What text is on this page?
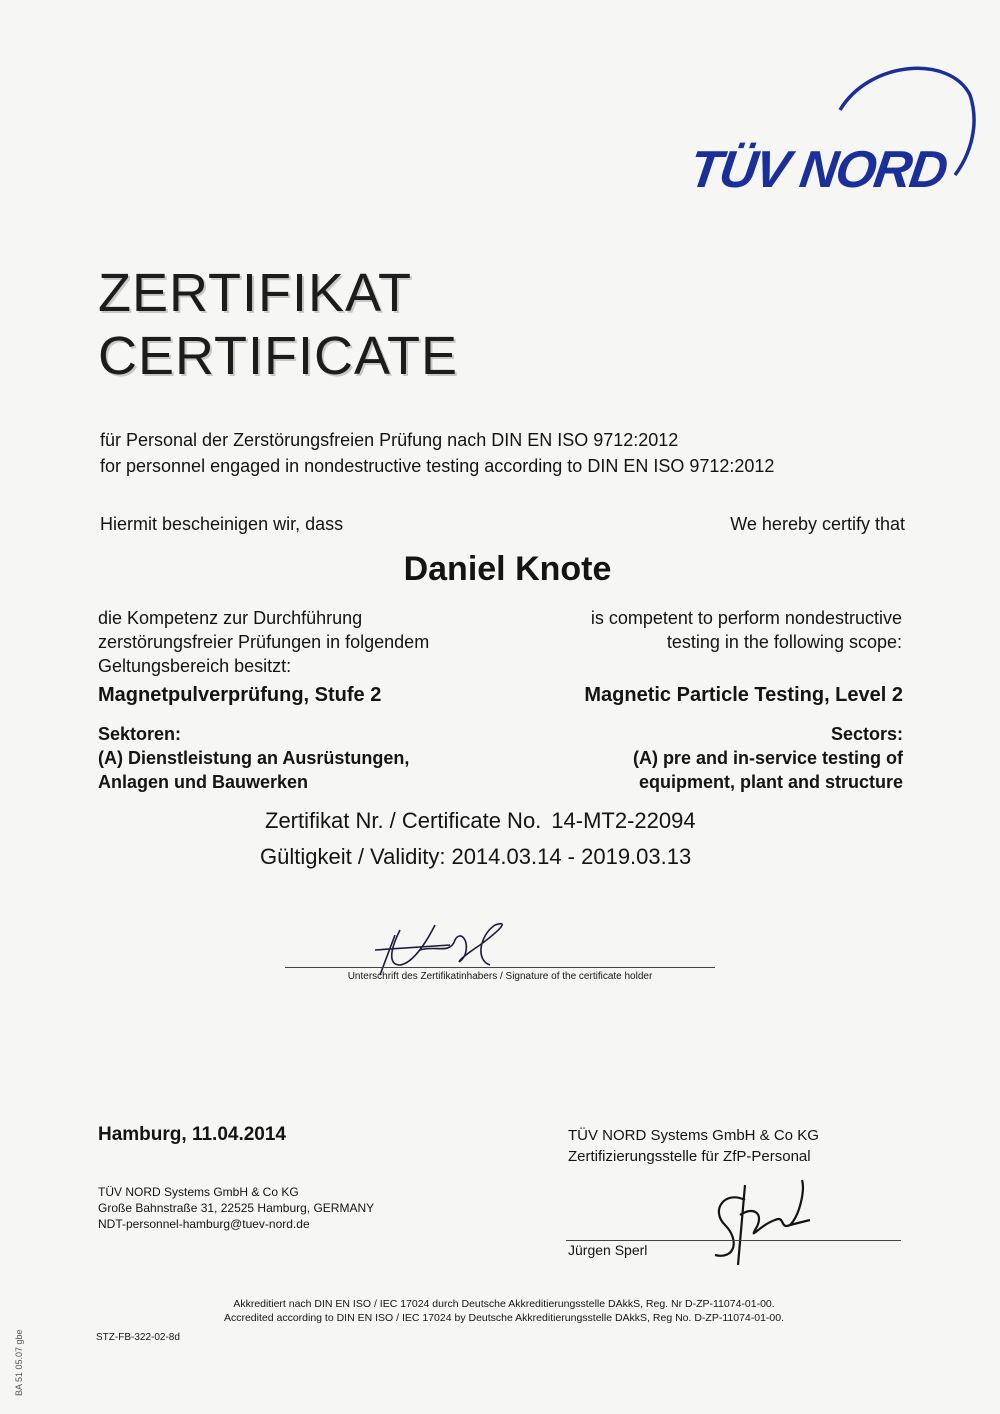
TÜV NORD
ZERTIFIKAT
CERTIFICATE
für Personal der Zerstörungsfreien Prüfung nach DIN EN ISO 9712:2012
for personnel engaged in nondestructive testing according to DIN EN ISO 9712:2012
Hiermit bescheinigen wir, dass	We hereby certify that
Daniel Knote
die Kompetenz zur Durchführung
zerstörungsfreier Prüfungen in folgendem
Geltungsbereich besitzt:
is competent to perform nondestructive
testing in the following scope:
Magnetpulverprüfung, Stufe 2	Magnetic Particle Testing, Level 2
Sektoren:
(A) Dienstleistung an Ausrüstungen,
Anlagen und Bauwerken
Sectors:
(A) pre and in-service testing of
equipment, plant and structure
Zertifikat Nr. / Certificate No. 14-MT2-22094
Gültigkeit / Validity: 2014.03.14 - 2019.03.13
Unterschrift des Zertifikatinhabers / Signature of the certificate holder
Hamburg, 11.04.2014	TÜV NORD Systems GmbH & Co KG
Zertifizierungsstelle für ZfP-Personal
TÜV NORD Systems GmbH & Co KG
Große Bahnstraße 31, 22525 Hamburg, GERMANY
NDT-personnel-hamburg@tuev-nord.de
Jürgen Sperl
Akkreditiert nach DIN EN ISO / IEC 17024 durch Deutsche Akkreditierungsstelle DAkkS, Reg. Nr D-ZP-11074-01-00.
Accredited according to DIN EN ISO / IEC 17024 by Deutsche Akkreditierungsstelle DAkkS, Reg No. D-ZP-11074-01-00.
STZ-FB-322-02-8d
BA 51 05.07 gbe
